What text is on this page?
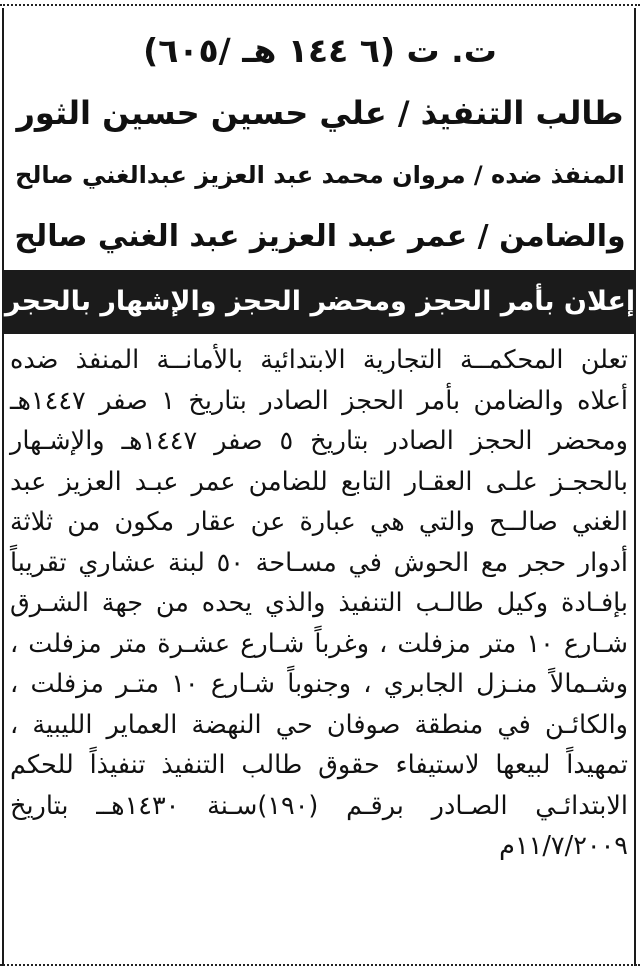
ت. ت (٦ ١٤٤ هـ /٦٠٥)
طالب التنفيذ / علي حسين حسين الثور
المنفذ ضده / مروان محمد عبد العزيز عبدالغني صالح
والضامن / عمر عبد العزيز عبد الغني صالح
إعلان بأمر الحجز ومحضر الحجز والإشهار بالحجر
تعلن المحكمــة التجارية الابتدائية بالأمانــة المنفذ ضده
أعلاه والضامن بأمر الحجز الصادر بتاريخ ١ صفر ١٤٤٧هـ
ومحضر الحجز الصادر بتاريخ ٥ صفر ١٤٤٧هـ والإشـهار
بالحجـز علـى العقـار التابع للضامن عمر عبـد العزيز عبد
الغني صالــح والتي هي عبارة عن عقار مكون من ثلاثة
أدوار حجر مع الحوش في مسـاحة ٥٠ لبنة عشاري تقريباً
بإفـادة وكيل طالـب التنفيذ والذي يحده من جهة الشـرق
شـارع ١٠ متر مزفلت ، وغرباً شـارع عشـرة متر مزفلت ،
وشـمالاً منـزل الجابري ، وجنوباً شـارع ١٠ متـر مزفلت ،
والكائـن في منطقة صوفان حي النهضة العماير الليبية ،
تمهيداً لبيعها لاستيفاء حقوق طالب التنفيذ تنفيذاً للحكم
الابتدائـي الصـادر برقـم (١٩٠)سـنة ١٤٣٠هــ بتاريخ
١١/٧/٢٠٠٩م
